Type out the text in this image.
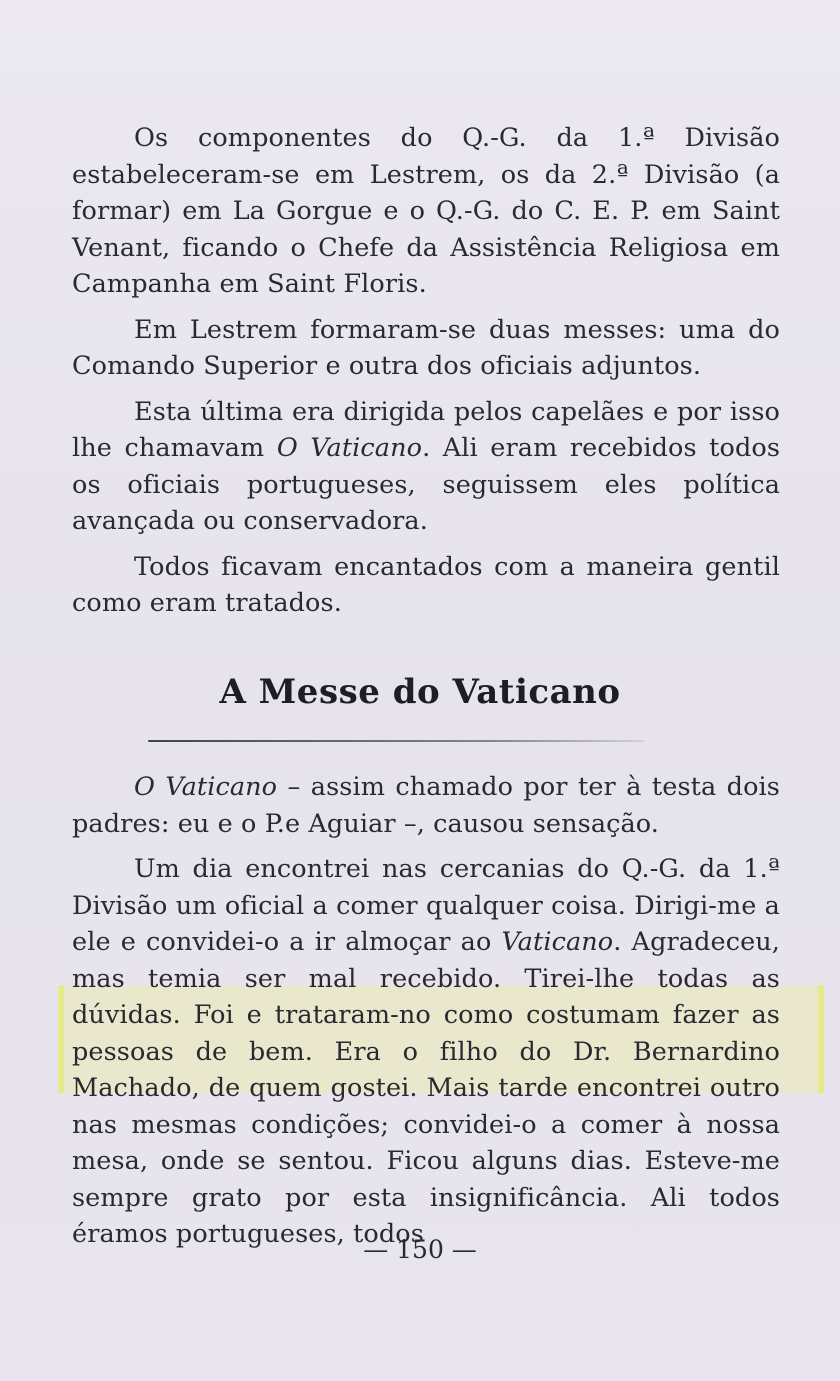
Os componentes do Q.-G. da 1.ª Divisão estabeleceram-se em Lestrem, os da 2.ª Divisão (a formar) em La Gorgue e o Q.-G. do C. E. P. em Saint Venant, ficando o Chefe da Assistência Religiosa em Campanha em Saint Floris.

Em Lestrem formaram-se duas messes: uma do Comando Superior e outra dos oficiais adjuntos.

Esta última era dirigida pelos capelães e por isso lhe chamavam O Vaticano. Ali eram recebidos todos os oficiais portugueses, seguissem eles política avançada ou conservadora.

Todos ficavam encantados com a maneira gentil como eram tratados.

A Messe do Vaticano

O Vaticano – assim chamado por ter à testa dois padres: eu e o P.e Aguiar –, causou sensação.

Um dia encontrei nas cercanias do Q.-G. da 1.ª Divisão um oficial a comer qualquer coisa. Dirigi-me a ele e convidei-o a ir almoçar ao Vaticano. Agradeceu, mas temia ser mal recebido. Tirei-lhe todas as dúvidas. Foi e trataram-no como costumam fazer as pessoas de bem. Era o filho do Dr. Bernardino Machado, de quem gostei. Mais tarde encontrei outro nas mesmas condições; convidei-o a comer à nossa mesa, onde se sentou. Ficou alguns dias. Esteve-me sempre grato por esta insignificância. Ali todos éramos portugueses, todos

— 150 —
